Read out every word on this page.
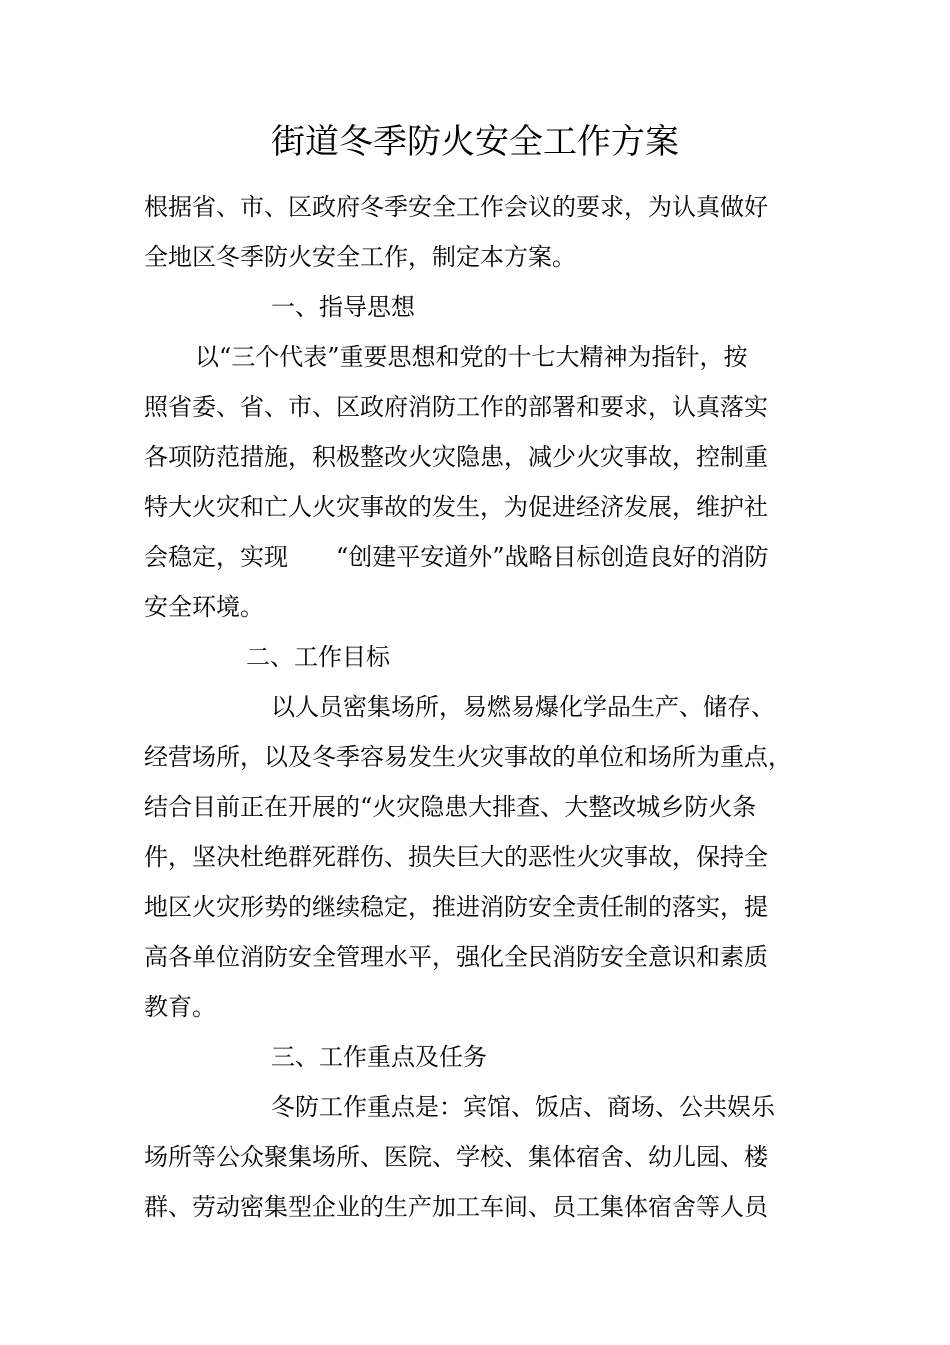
街道冬季防火安全工作方案
根据省、市、区政府冬季安全工作会议的要求，为认真做好
全地区冬季防火安全工作，制定本方案。
一、指导思想
以“三个代表”重要思想和党的十七大精神为指针，按
照省委、省、市、区政府消防工作的部署和要求，认真落实
各项防范措施，积极整改火灾隐患，减少火灾事故，控制重
特大火灾和亡人火灾事故的发生，为促进经济发展，维护社
会稳定，实现　　“创建平安道外”战略目标创造良好的消防
安全环境。
二、工作目标
以人员密集场所，易燃易爆化学品生产、储存、
经营场所，以及冬季容易发生火灾事故的单位和场所为重点，
结合目前正在开展的“火灾隐患大排查、大整改城乡防火条
件，坚决杜绝群死群伤、损失巨大的恶性火灾事故，保持全
地区火灾形势的继续稳定，推进消防安全责任制的落实，提
高各单位消防安全管理水平，强化全民消防安全意识和素质
教育。
三、工作重点及任务
冬防工作重点是：宾馆、饭店、商场、公共娱乐
场所等公众聚集场所、医院、学校、集体宿舍、幼儿园、楼
群、劳动密集型企业的生产加工车间、员工集体宿舍等人员
